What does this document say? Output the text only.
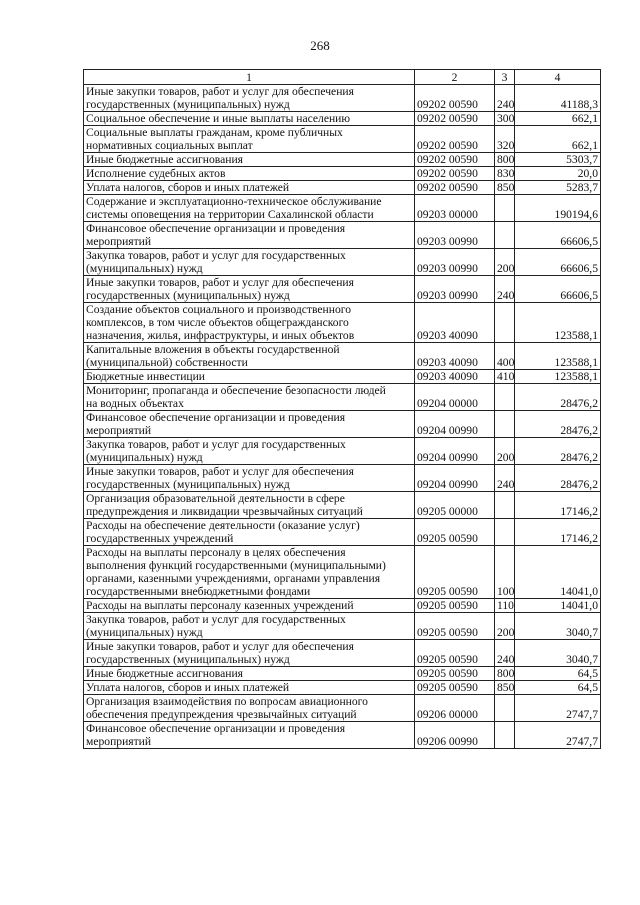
268
1	2	3	4

Иные закупки товаров, работ и услуг для обеспечения
государственных (муниципальных) нужд	09202 00590	240	41188,3

Социальное обеспечение и иные выплаты населению	09202 00590	300	662,1

Социальные выплаты гражданам, кроме публичных
нормативных социальных выплат	09202 00590	320	662,1

Иные бюджетные ассигнования	09202 00590	800	5303,7

Исполнение судебных актов	09202 00590	830	20,0

Уплата налогов, сборов и иных платежей	09202 00590	850	5283,7

Содержание и эксплуатационно-техническое обслуживание
системы оповещения на территории Сахалинской области	09203 00000		190194,6

Финансовое обеспечение организации и проведения
мероприятий	09203 00990		66606,5

Закупка товаров, работ и услуг для государственных
(муниципальных) нужд	09203 00990	200	66606,5

Иные закупки товаров, работ и услуг для обеспечения
государственных (муниципальных) нужд	09203 00990	240	66606,5

Создание объектов социального и производственного
комплексов, в том числе объектов общегражданского
назначения, жилья, инфраструктуры, и иных объектов	09203 40090		123588,1

Капитальные вложения в объекты государственной
(муниципальной) собственности	09203 40090	400	123588,1

Бюджетные инвестиции	09203 40090	410	123588,1

Мониторинг, пропаганда и обеспечение безопасности людей
на водных объектах	09204 00000		28476,2

Финансовое обеспечение организации и проведения
мероприятий	09204 00990		28476,2

Закупка товаров, работ и услуг для государственных
(муниципальных) нужд	09204 00990	200	28476,2

Иные закупки товаров, работ и услуг для обеспечения
государственных (муниципальных) нужд	09204 00990	240	28476,2

Организация образовательной деятельности в сфере
предупреждения и ликвидации чрезвычайных ситуаций	09205 00000		17146,2

Расходы на обеспечение деятельности (оказание услуг)
государственных учреждений	09205 00590		17146,2

Расходы на выплаты персоналу в целях обеспечения
выполнения функций государственными (муниципальными)
органами, казенными учреждениями, органами управления
государственными внебюджетными фондами	09205 00590	100	14041,0

Расходы на выплаты персоналу казенных учреждений	09205 00590	110	14041,0

Закупка товаров, работ и услуг для государственных
(муниципальных) нужд	09205 00590	200	3040,7

Иные закупки товаров, работ и услуг для обеспечения
государственных (муниципальных) нужд	09205 00590	240	3040,7

Иные бюджетные ассигнования	09205 00590	800	64,5

Уплата налогов, сборов и иных платежей	09205 00590	850	64,5

Организация взаимодействия по вопросам авиационного
обеспечения предупреждения чрезвычайных ситуаций	09206 00000		2747,7

Финансовое обеспечение организации и проведения
мероприятий	09206 00990		2747,7
